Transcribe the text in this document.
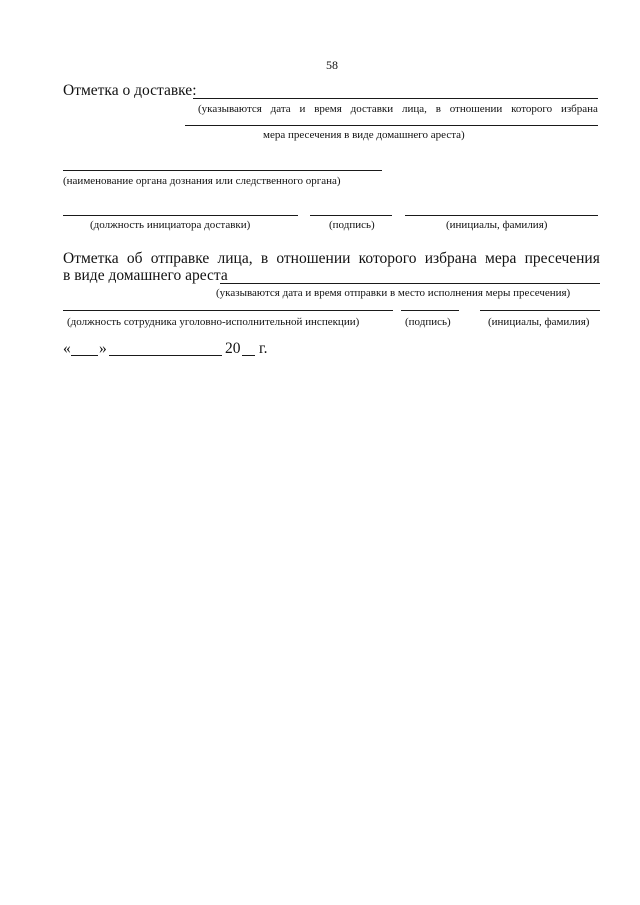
58
Отметка о доставке:
(указываются дата и время доставки лица, в отношении которого избрана
мера пресечения в виде домашнего ареста)
(наименование органа дознания или следственного органа)
(должность инициатора доставки)	(подпись)	(инициалы, фамилия)
Отметка об отправке лица, в отношении которого избрана мера пресечения
в виде домашнего ареста
(указываются дата и время отправки в место исполнения меры пресечения)
(должность сотрудника уголовно-исполнительной инспекции)	(подпись)	(инициалы, фамилия)
« »	20 г.
